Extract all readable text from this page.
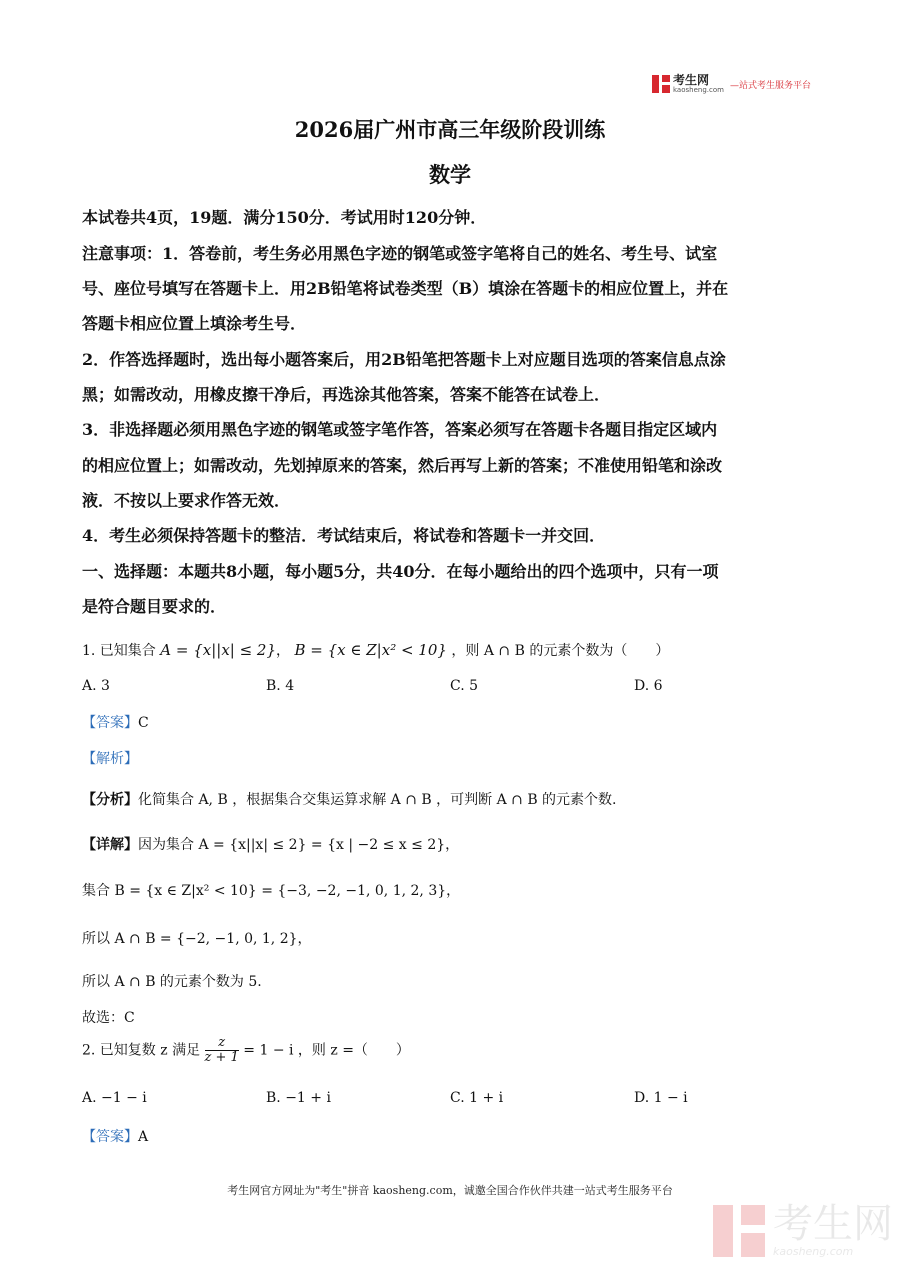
考生网
kaosheng.com —站式考生服务平台
2026届广州市高三年级阶段训练
数学
本试卷共4页，19题．满分150分．考试用时120分钟．
注意事项：1．答卷前，考生务必用黑色字迹的钢笔或签字笔将自己的姓名、考生号、试室
号、座位号填写在答题卡上．用2B铅笔将试卷类型（B）填涂在答题卡的相应位置上，并在
答题卡相应位置上填涂考生号．
2．作答选择题时，选出每小题答案后，用2B铅笔把答题卡上对应题目选项的答案信息点涂
黑；如需改动，用橡皮擦干净后，再选涂其他答案，答案不能答在试卷上．
3．非选择题必须用黑色字迹的钢笔或签字笔作答，答案必须写在答题卡各题目指定区域内
的相应位置上；如需改动，先划掉原来的答案，然后再写上新的答案；不准使用铅笔和涂改
液．不按以上要求作答无效．
4．考生必须保持答题卡的整洁．考试结束后，将试卷和答题卡一并交回．
一、选择题：本题共8小题，每小题5分，共40分．在每小题给出的四个选项中，只有一项
是符合题目要求的．
1. 已知集合 A = {x||x| ≤ 2}， B = {x ∈ Z|x² < 10} ，则 A ∩ B 的元素个数为（　　）
A. 3	B. 4	C. 5	D. 6
【答案】C
【解析】
【分析】化简集合 A, B ，根据集合交集运算求解 A ∩ B ，可判断 A ∩ B 的元素个数.
【详解】因为集合 A = {x||x| ≤ 2} = {x | −2 ≤ x ≤ 2}，
集合 B = {x ∈ Z|x² < 10} = {−3, −2, −1, 0, 1, 2, 3}，
所以 A ∩ B = {−2, −1, 0, 1, 2}，
所以 A ∩ B 的元素个数为 5.
故选：C
2. 已知复数 z 满足 $\frac{z}{z + 1} = 1 - i$ ，则 z =（　　）
A. −1 − i	B. −1 + i	C. 1 + i	D. 1 − i
【答案】A
考生网官方网址为"考生"拼音 kaosheng.com，诚邀全国合作伙伴共建一站式考生服务平台
考生网
kaosheng.com
